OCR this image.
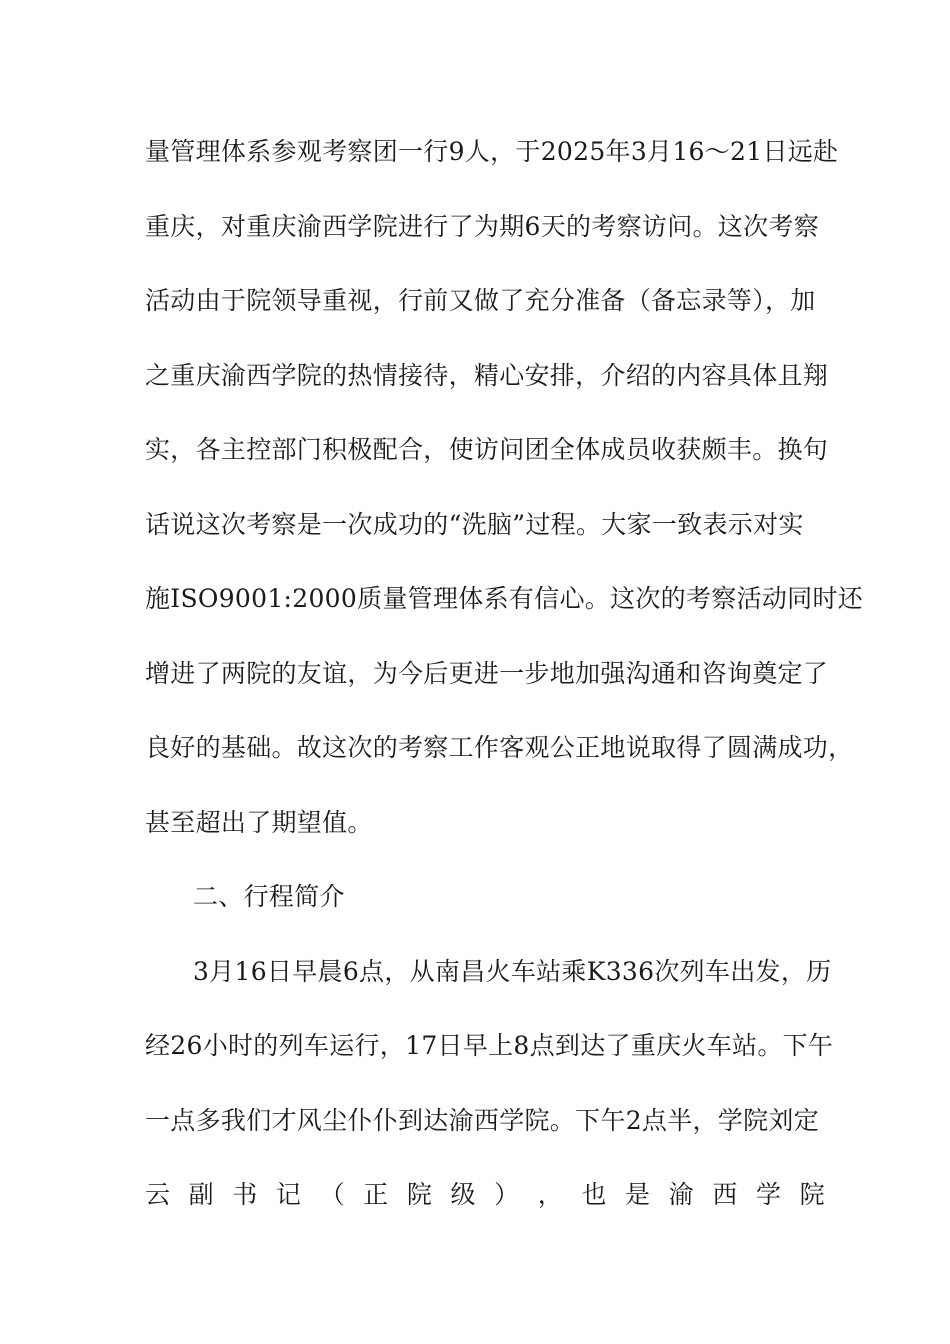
量管理体系参观考察团一行9人，于2025年3月16～21日远赴
重庆，对重庆渝西学院进行了为期6天的考察访问。这次考察
活动由于院领导重视，行前又做了充分准备（备忘录等），加
之重庆渝西学院的热情接待，精心安排，介绍的内容具体且翔
实，各主控部门积极配合，使访问团全体成员收获颇丰。换句
话说这次考察是一次成功的“洗脑”过程。大家一致表示对实
施ISO9001:2000质量管理体系有信心。这次的考察活动同时还
增进了两院的友谊，为今后更进一步地加强沟通和咨询奠定了
良好的基础。故这次的考察工作客观公正地说取得了圆满成功，
甚至超出了期望值。
二、行程简介
3月16日早晨6点，从南昌火车站乘K336次列车出发，历
经26小时的列车运行，17日早上8点到达了重庆火车站。下午
一点多我们才风尘仆仆到达渝西学院。下午2点半，学院刘定
云 副 书 记 （ 正 院 级 ） ， 也 是 渝 西 学 院
